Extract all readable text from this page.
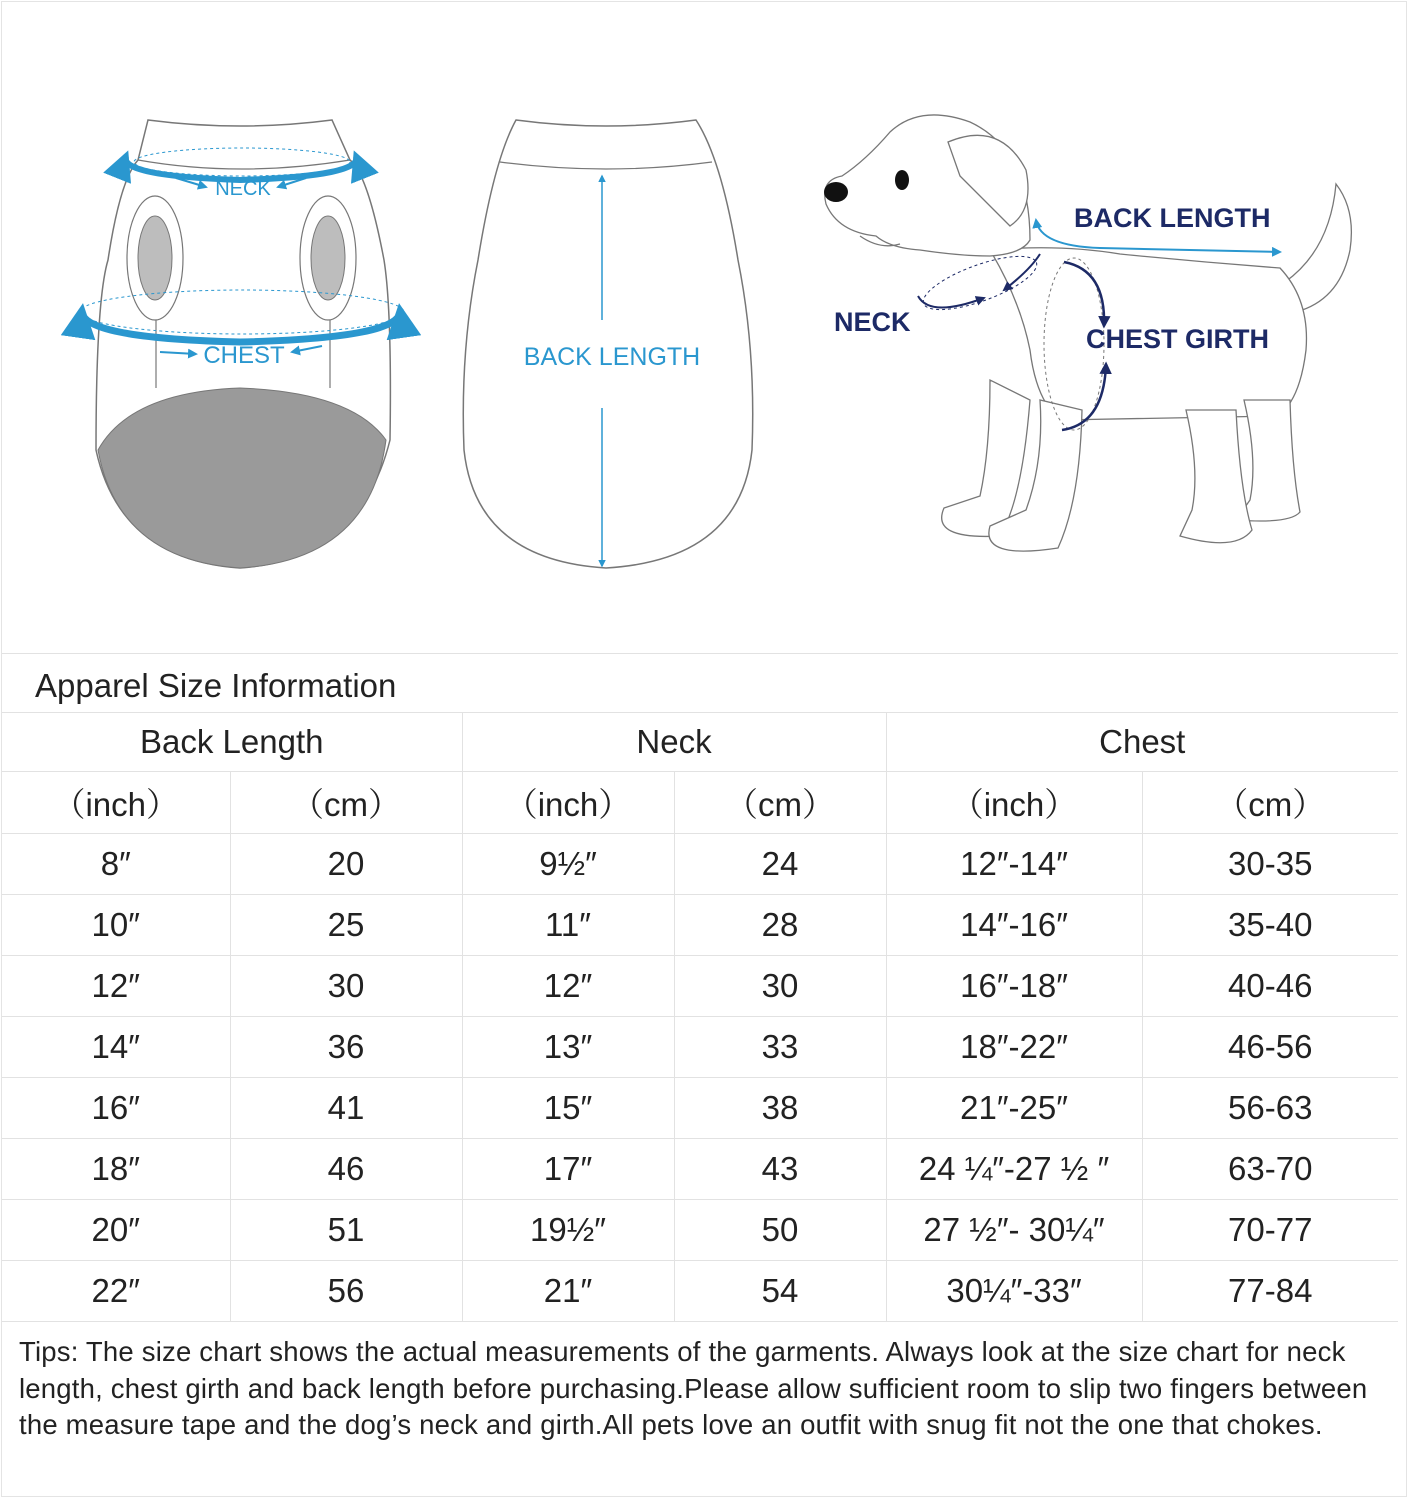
NECK
CHEST	BACK LENGTH
BACK LENGTH
NECK
CHEST GIRTH
Apparel Size Information
Back Length		Neck		Chest	
（inch）	（cm）	（inch）	（cm）	（inch）	（cm）
8″	20	9½″	24	12″-14″	30-35
10″	25	11″	28	14″-16″	35-40
12″	30	12″	30	16″-18″	40-46
14″	36	13″	33	18″-22″	46-56
16″	41	15″	38	21″-25″	56-63
18″	46	17″	43	24 ¼″-27 ½ ″	63-70
20″	51	19½″	50	27 ½″- 30¼″	70-77
22″	56	21″	54	30¼″-33″	77-84
Tips: The size chart shows the actual measurements of the garments. Always look at the size chart for neck length, chest girth and back length before purchasing.Please allow sufficient room to slip two fingers between the measure tape and the dog’s neck and girth.All pets love an outfit with snug fit not the one that chokes.
